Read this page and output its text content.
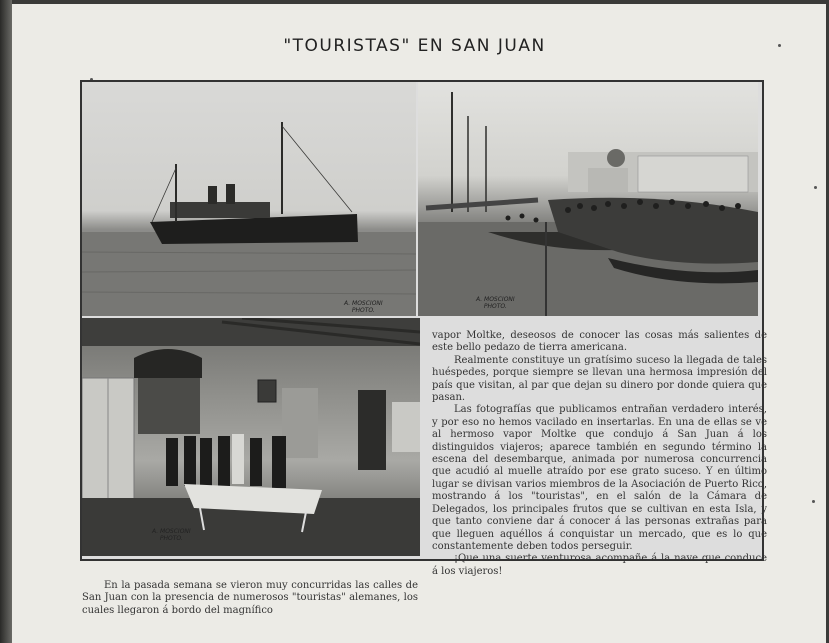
"TOURISTAS" EN SAN JUAN
A. MOSCIONI
PHOTO.
A. MOSCIONI
PHOTO.
A. MOSCIONI
PHOTO.

vapor Moltke, deseosos de conocer las cosas más salientes de este bello pedazo de tierra americana.

Realmente constituye un gratísimo suceso la llegada de tales huéspedes, porque siempre se llevan una hermosa impresión del país que visitan, al par que dejan su dinero por donde quiera que pasan.

Las fotografías que publicamos entrañan verdadero interés, y por eso no hemos vacilado en insertarlas. En una de ellas se ve al hermoso vapor Moltke que condujo á San Juan á los distinguidos viajeros; aparece también en segundo término la escena del desembarque, animada por numerosa concurrencia que acudió al muelle atraído por ese grato suceso. Y en último lugar se divisan varios miembros de la Asociación de Puerto Rico, mostrando á los "touristas", en el salón de la Cámara de Delegados, los principales frutos que se cultivan en esta Isla, y que tanto conviene dar á conocer á las personas extrañas para que lleguen aquéllos á conquistar un mercado, que es lo que constantemente deben todos perseguir.

¡Que una suerte venturosa acompañe á la nave que conduce á los viajeros!

En la pasada semana se vieron muy concurridas las calles de San Juan con la presencia de numerosos "touristas" alemanes, los cuales llegaron á bordo del magnífico
